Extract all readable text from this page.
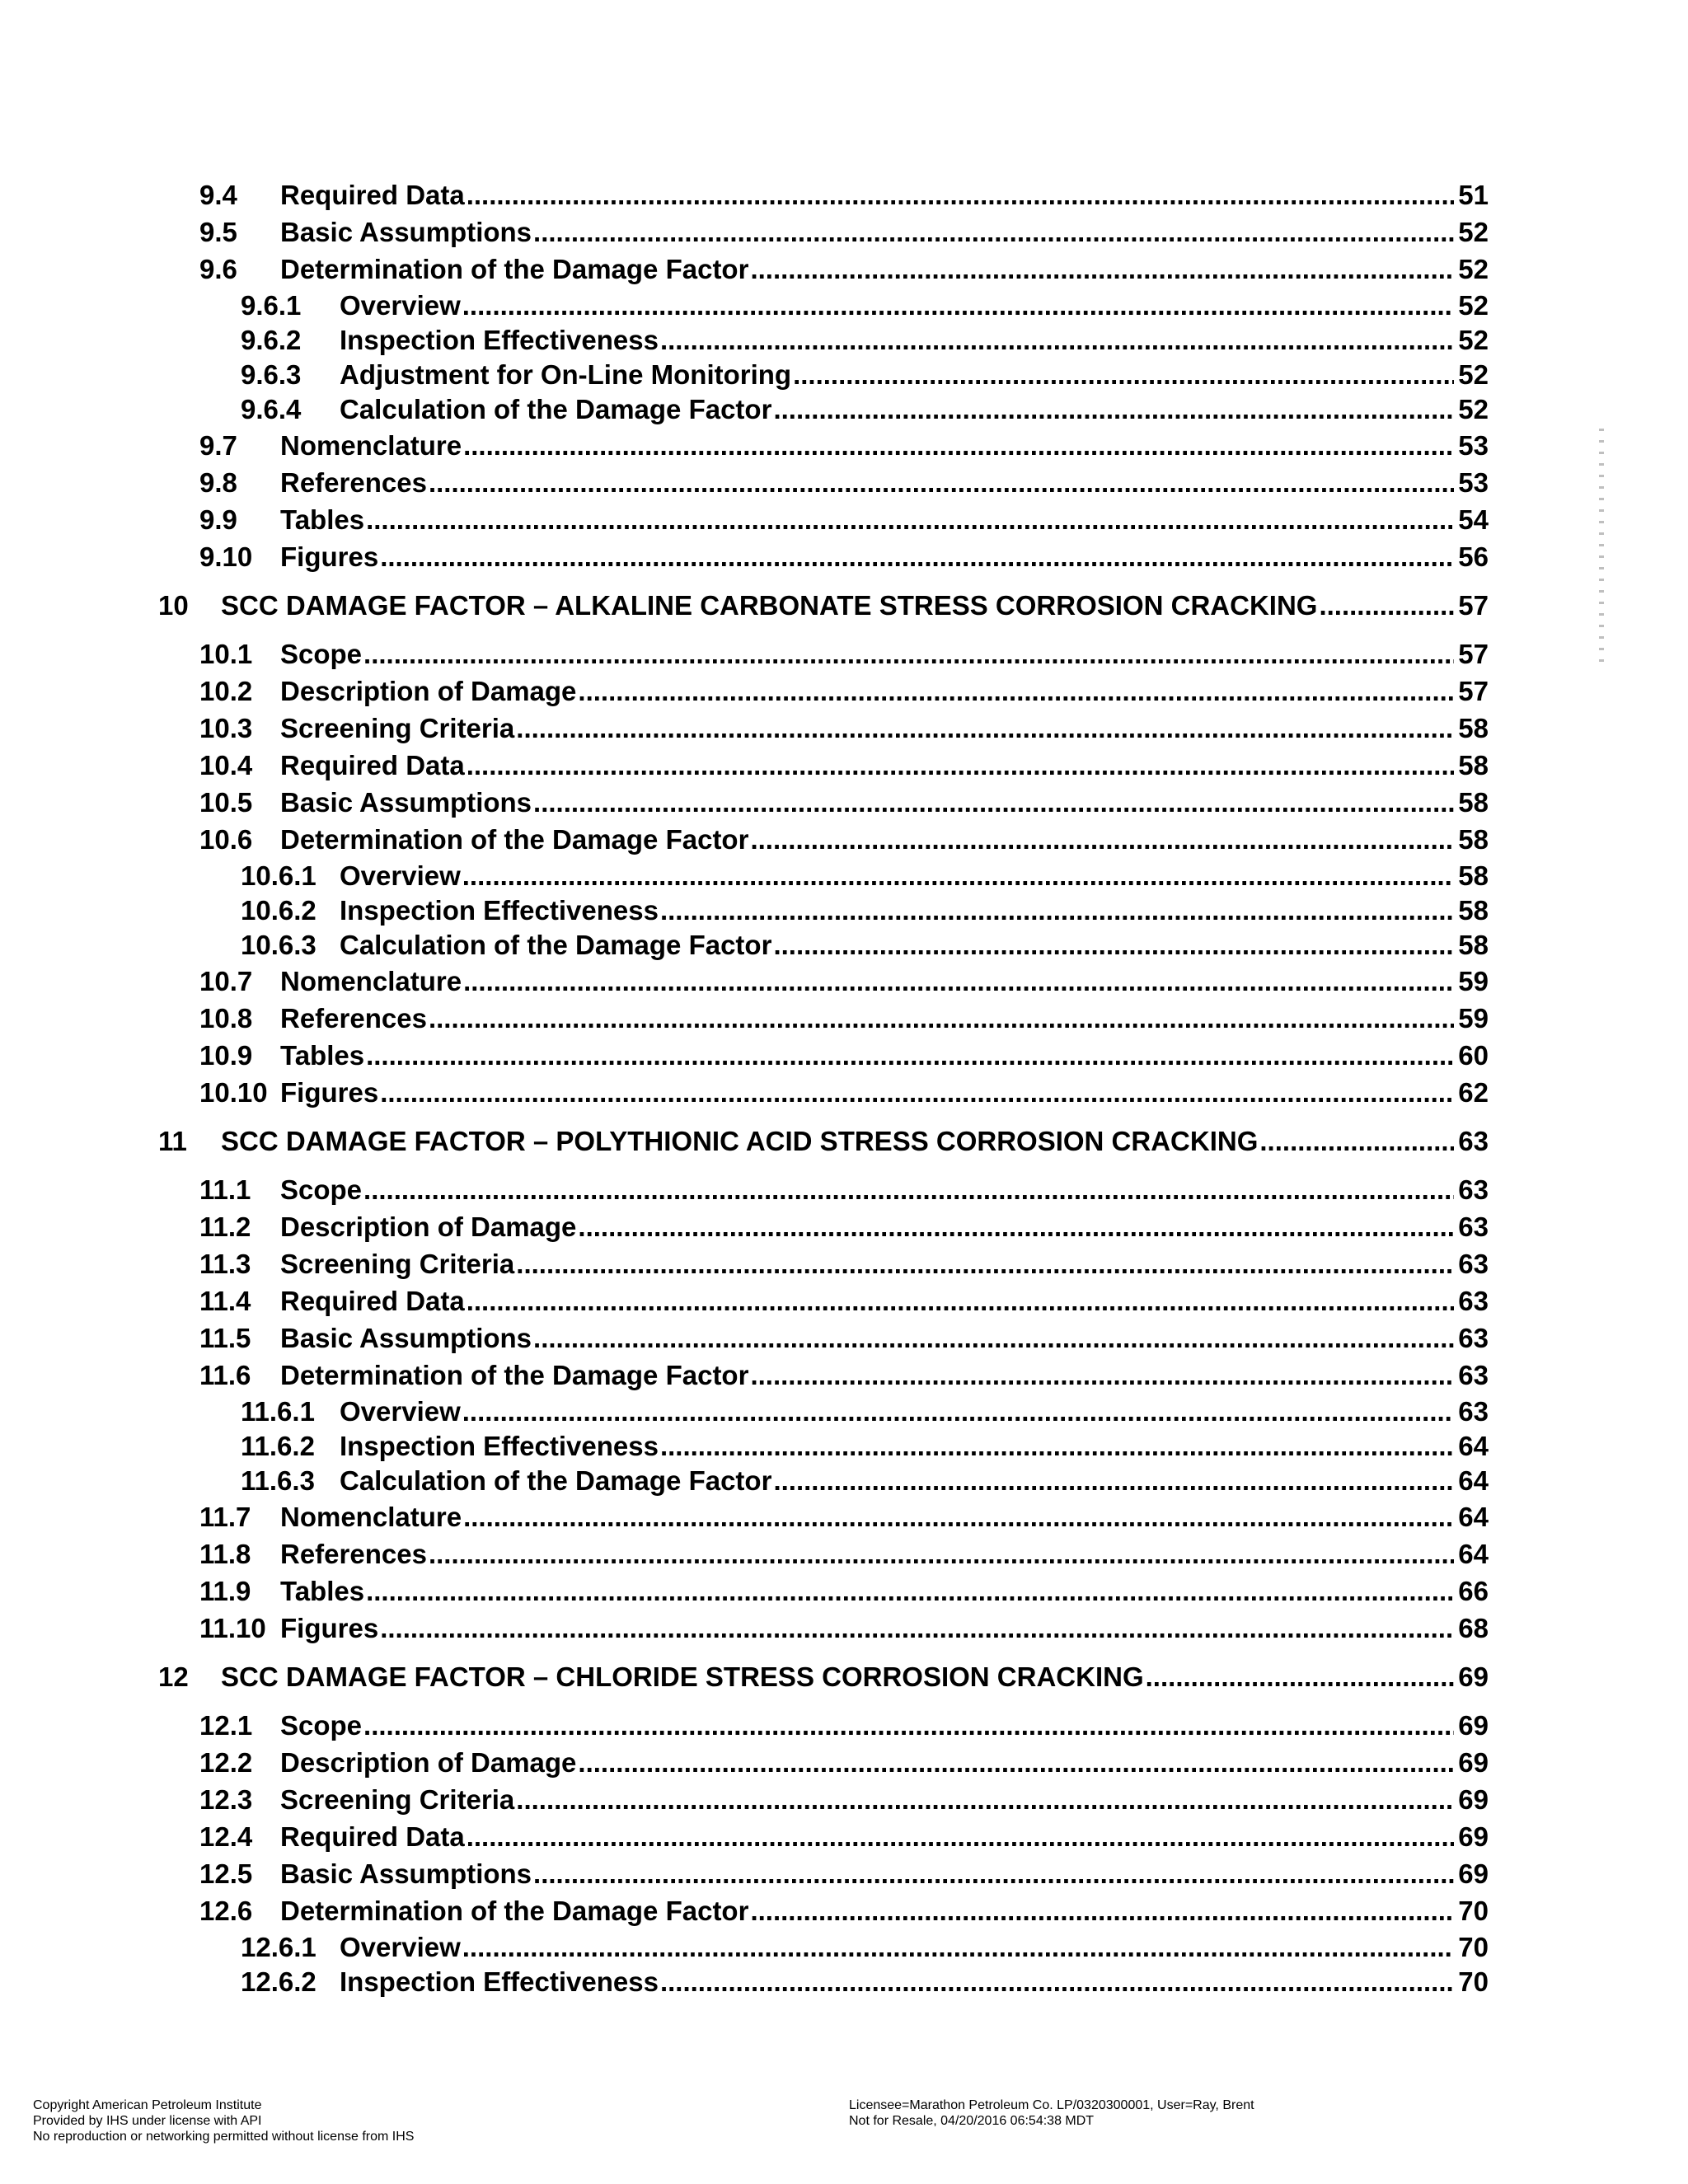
9.4 Required Data .....	51
9.5 Basic Assumptions .....	52
9.6 Determination of the Damage Factor .....	52
9.6.1 Overview .....	52
9.6.2 Inspection Effectiveness .....	52
9.6.3 Adjustment for On-Line Monitoring .....	52
9.6.4 Calculation of the Damage Factor .....	52
9.7 Nomenclature .....	53
9.8 References .....	53
9.9 Tables .....	54
9.10 Figures .....	56
10 SCC DAMAGE FACTOR – ALKALINE CARBONATE STRESS CORROSION CRACKING .....	57
10.1 Scope .....	57
10.2 Description of Damage .....	57
10.3 Screening Criteria .....	58
10.4 Required Data .....	58
10.5 Basic Assumptions .....	58
10.6 Determination of the Damage Factor .....	58
10.6.1 Overview .....	58
10.6.2 Inspection Effectiveness .....	58
10.6.3 Calculation of the Damage Factor .....	58
10.7 Nomenclature .....	59
10.8 References .....	59
10.9 Tables .....	60
10.10 Figures .....	62
11 SCC DAMAGE FACTOR – POLYTHIONIC ACID STRESS CORROSION CRACKING .....	63
11.1 Scope .....	63
11.2 Description of Damage .....	63
11.3 Screening Criteria .....	63
11.4 Required Data .....	63
11.5 Basic Assumptions .....	63
11.6 Determination of the Damage Factor .....	63
11.6.1 Overview .....	63
11.6.2 Inspection Effectiveness .....	64
11.6.3 Calculation of the Damage Factor .....	64
11.7 Nomenclature .....	64
11.8 References .....	64
11.9 Tables .....	66
11.10 Figures .....	68
12 SCC DAMAGE FACTOR – CHLORIDE STRESS CORROSION CRACKING .....	69
12.1 Scope .....	69
12.2 Description of Damage .....	69
12.3 Screening Criteria .....	69
12.4 Required Data .....	69
12.5 Basic Assumptions .....	69
12.6 Determination of the Damage Factor .....	70
12.6.1 Overview .....	70
12.6.2 Inspection Effectiveness .....	70
Copyright American Petroleum Institute
Provided by IHS under license with API
No reproduction or networking permitted without license from IHS
Licensee=Marathon Petroleum Co. LP/0320300001, User=Ray, Brent
Not for Resale, 04/20/2016 06:54:38 MDT
